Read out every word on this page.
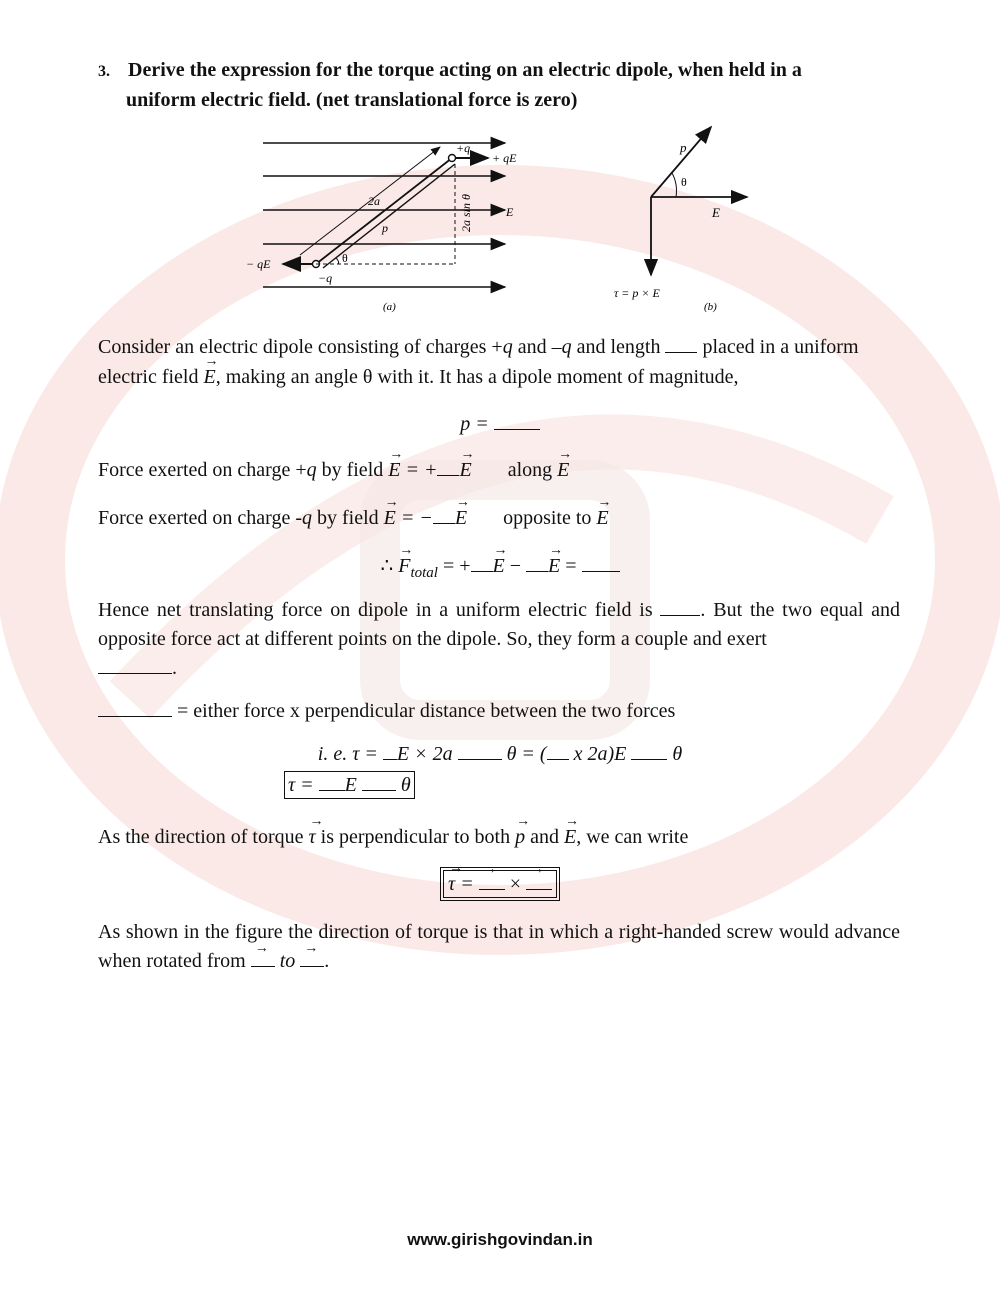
3. Derive the expression for the torque acting on an electric dipole, when held in a
uniform electric field. (net translational force is zero)
+q
+ qE
− qE
−q
2a
p
θ
2a sin θ	E
(a)
p
θ
E
τ = p × E
(b)
Consider an electric dipole consisting of charges +q and –q and length  placed in a uniform
electric field → E, making an angle θ with it. It has a dipole moment of magnitude,
p =
Force exerted on charge +q by field → E = + → E along → E
Force exerted on charge -q by field → E = − → E opposite to → E
∴ → $F_{total}$ = + → E − → E =
Hence net translating force on dipole in a uniform electric field is . But the two equal and opposite force act at different points on the dipole. So, they form a couple and exert
.
= either force x perpendicular distance between the two forces
i. e. τ = E × 2a  θ = ( x 2a)E  θ
τ = E  θ
As the direction of torque → τ is perpendicular to both → p and → E, we can write
→ τ = → × →
As shown in the figure the direction of torque is that in which a right-handed screw would advance when rotated from → to →.
www.girishgovindan.in
